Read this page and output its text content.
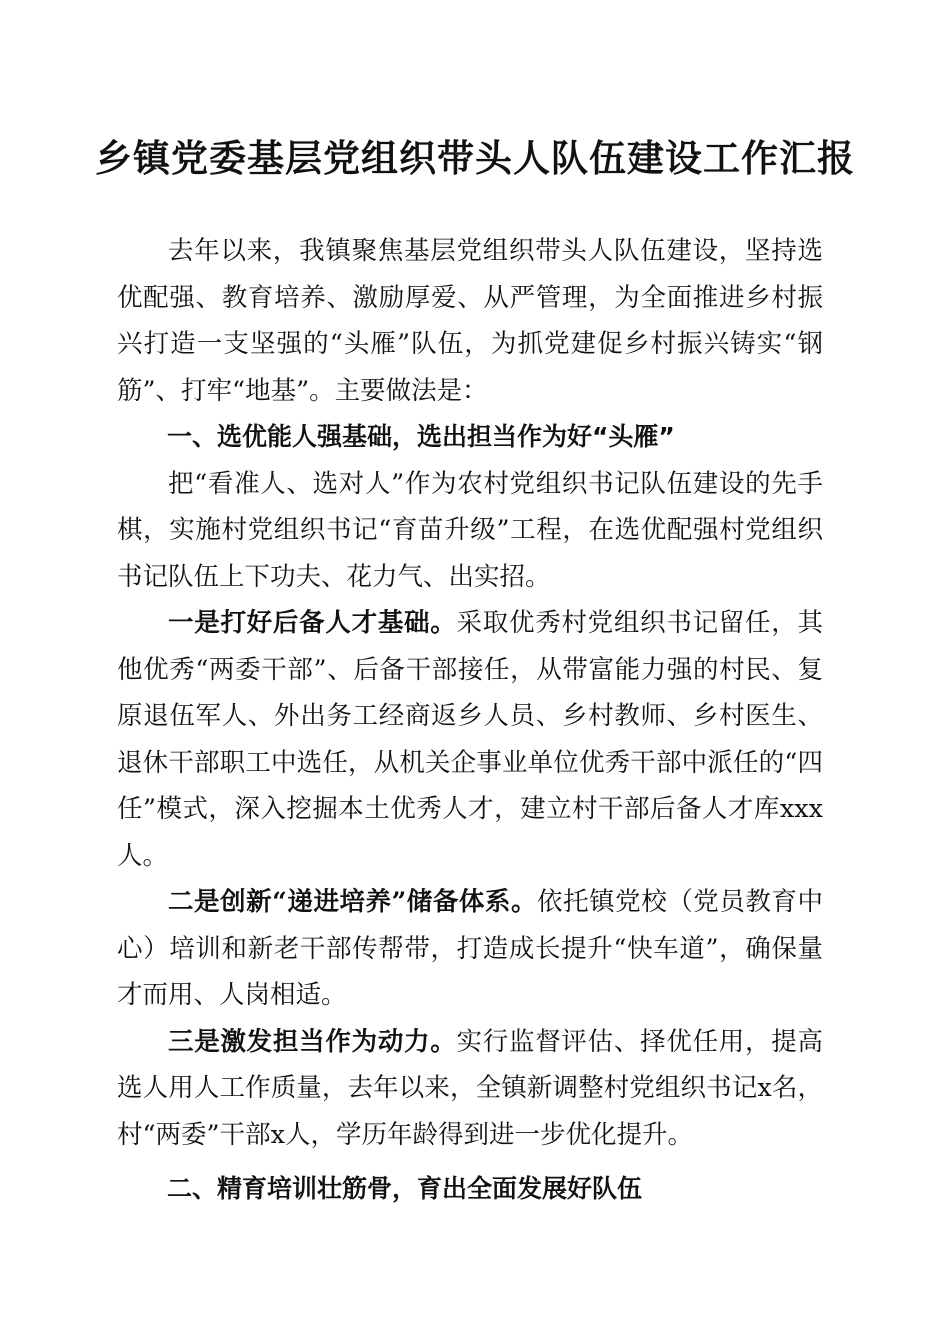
乡镇党委基层党组织带头人队伍建设工作汇报

去年以来，我镇聚焦基层党组织带头人队伍建设，坚持选优配强、教育培养、激励厚爱、从严管理，为全面推进乡村振兴打造一支坚强的“头雁”队伍，为抓党建促乡村振兴铸实“钢筋”、打牢“地基”。主要做法是：

一、选优能人强基础，选出担当作为好“头雁”

把“看准人、选对人”作为农村党组织书记队伍建设的先手棋，实施村党组织书记“育苗升级”工程，在选优配强村党组织书记队伍上下功夫、花力气、出实招。

一是打好后备人才基础。采取优秀村党组织书记留任，其他优秀“两委干部”、后备干部接任，从带富能力强的村民、复原退伍军人、外出务工经商返乡人员、乡村教师、乡村医生、退休干部职工中选任，从机关企事业单位优秀干部中派任的“四任”模式，深入挖掘本土优秀人才，建立村干部后备人才库xxx人。

二是创新“递进培养”储备体系。依托镇党校（党员教育中心）培训和新老干部传帮带，打造成长提升“快车道”，确保量才而用、人岗相适。

三是激发担当作为动力。实行监督评估、择优任用，提高选人用人工作质量，去年以来，全镇新调整村党组织书记x名，村“两委”干部x人，学历年龄得到进一步优化提升。

二、精育培训壮筋骨，育出全面发展好队伍
